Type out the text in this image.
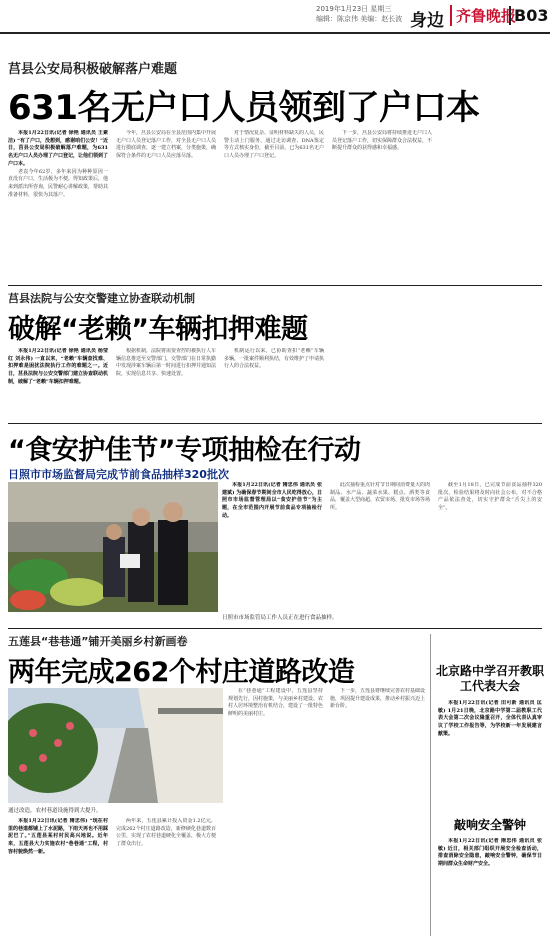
2019年1月23日 星期三
编辑：陈京伟 美编：赵长波 身边 齐鲁晚报
B03
莒县公安局积极破解落户难题
631名无户口人员领到了户口本

本报1月22日讯(记者 徐艳 通讯员 王素洁) “有了户口，没想到，感谢咱们公安！”近日，莒县公安局积极破解落户难题，为631名无户口人员办理了户口登记，让他们领到了户口本。

老袁今年62岁，多年来因为种种原因一直没有户口，生活极为不便。得知政策后，他来到派出所咨询，民警耐心讲解政策，帮助其准备材料，很快为其落户。

今年，莒县公安局在全县范围内集中开展无户口人员登记落户工作，对全县无户口人员进行摸底调查，逐一建立档案，分类施策，确保符合条件的无户口人员应落尽落。

对于情况复杂、证明材料缺失的人员，民警主动上门服务，通过走访调查、DNA鉴定等方式核实身份，截至目前，已为631名无户口人员办理了户口登记。

下一步，莒县公安局将持续推进无户口人员登记落户工作，切实保障群众合法权益，不断提升群众的获得感和幸福感。

莒县法院与公安交警建立协查联动机制
破解“老赖”车辆扣押难题

本报1月22日讯(记者 徐艳 通讯员 杨莹红 刘永伟) 一直以来，“老赖”车辆查找难、扣押难是困扰法院执行工作的难题之一。近日，莒县法院与公安交警部门建立协查联动机制，破解了“老赖”车辆扣押难题。

根据机制，法院将需要查控的被执行人车辆信息推送至交警部门，交警部门在日常执勤中发现涉案车辆后第一时间进行扣押并通知法院，实现信息共享、快速处置。

机制运行以来，已协助查扣“老赖”车辆多辆，一批案件顺利执结，有效维护了申请执行人的合法权益。

“食安护佳节”专项抽检在行动
日照市市场监督局完成节前食品抽样320批次
日照市市场监管局工作人员正在进行食品抽样。

本报1月22日讯(记者 隋忠伟 通讯员 张建斌) 为确保春节期间全市人民吃得放心，日照市市场监督管理局以“食安护佳节”为主题，在全市范围内开展节前食品专项抽检行动。

此次抽检重点针对节日期间消费量大的肉制品、水产品、蔬菜水果、糕点、酒类等食品，覆盖大型商超、农贸市场、批发市场等场所。

截至1月18日，已完成节前食品抽样320批次，检验结果将及时向社会公布，对不合格产品依法查处，切实守护群众“舌尖上的安全”。

五莲县“巷巷通”铺开美丽乡村新画卷
两年完成262个村庄道路改造
通过改造，农村巷道设施得到大提升。

本报1月22日讯(记者 隋忠伟) “现在村里的巷道都铺上了水泥路，下雨天再也不用踩泥巴了。”五莲县某村村民高兴地说。近年来，五莲县大力实施农村“巷巷通”工程，村容村貌焕然一新。

两年来，五莲县累计投入资金1.2亿元，完成262个村庄道路改造，新修硬化巷道数百公里，实现了农村巷道硬化全覆盖，极大方便了群众出行。

在“巷巷通”工程建设中，五莲县坚持规划先行，因村施策，与美丽乡村建设、农村人居环境整治有机结合，建设了一批特色鲜明的美丽村庄。

下一步，五莲县将继续完善农村基础设施，巩固提升建设成果，推动乡村振兴迈上新台阶。

北京路中学召开教职工代表大会

本报1月22日讯(记者 田可新 通讯员 匡敏) 1月21日晚，北京路中学第二届教职工代表大会第二次会议隆重召开，全体代表认真审议了学校工作报告等，为学校新一年发展建言献策。

敲响安全警钟

本报1月22日讯(记者 隋忠伟 通讯员 张敏) 近日，相关部门组织开展安全检查活动，排查消除安全隐患，敲响安全警钟，确保节日期间群众生命财产安全。
